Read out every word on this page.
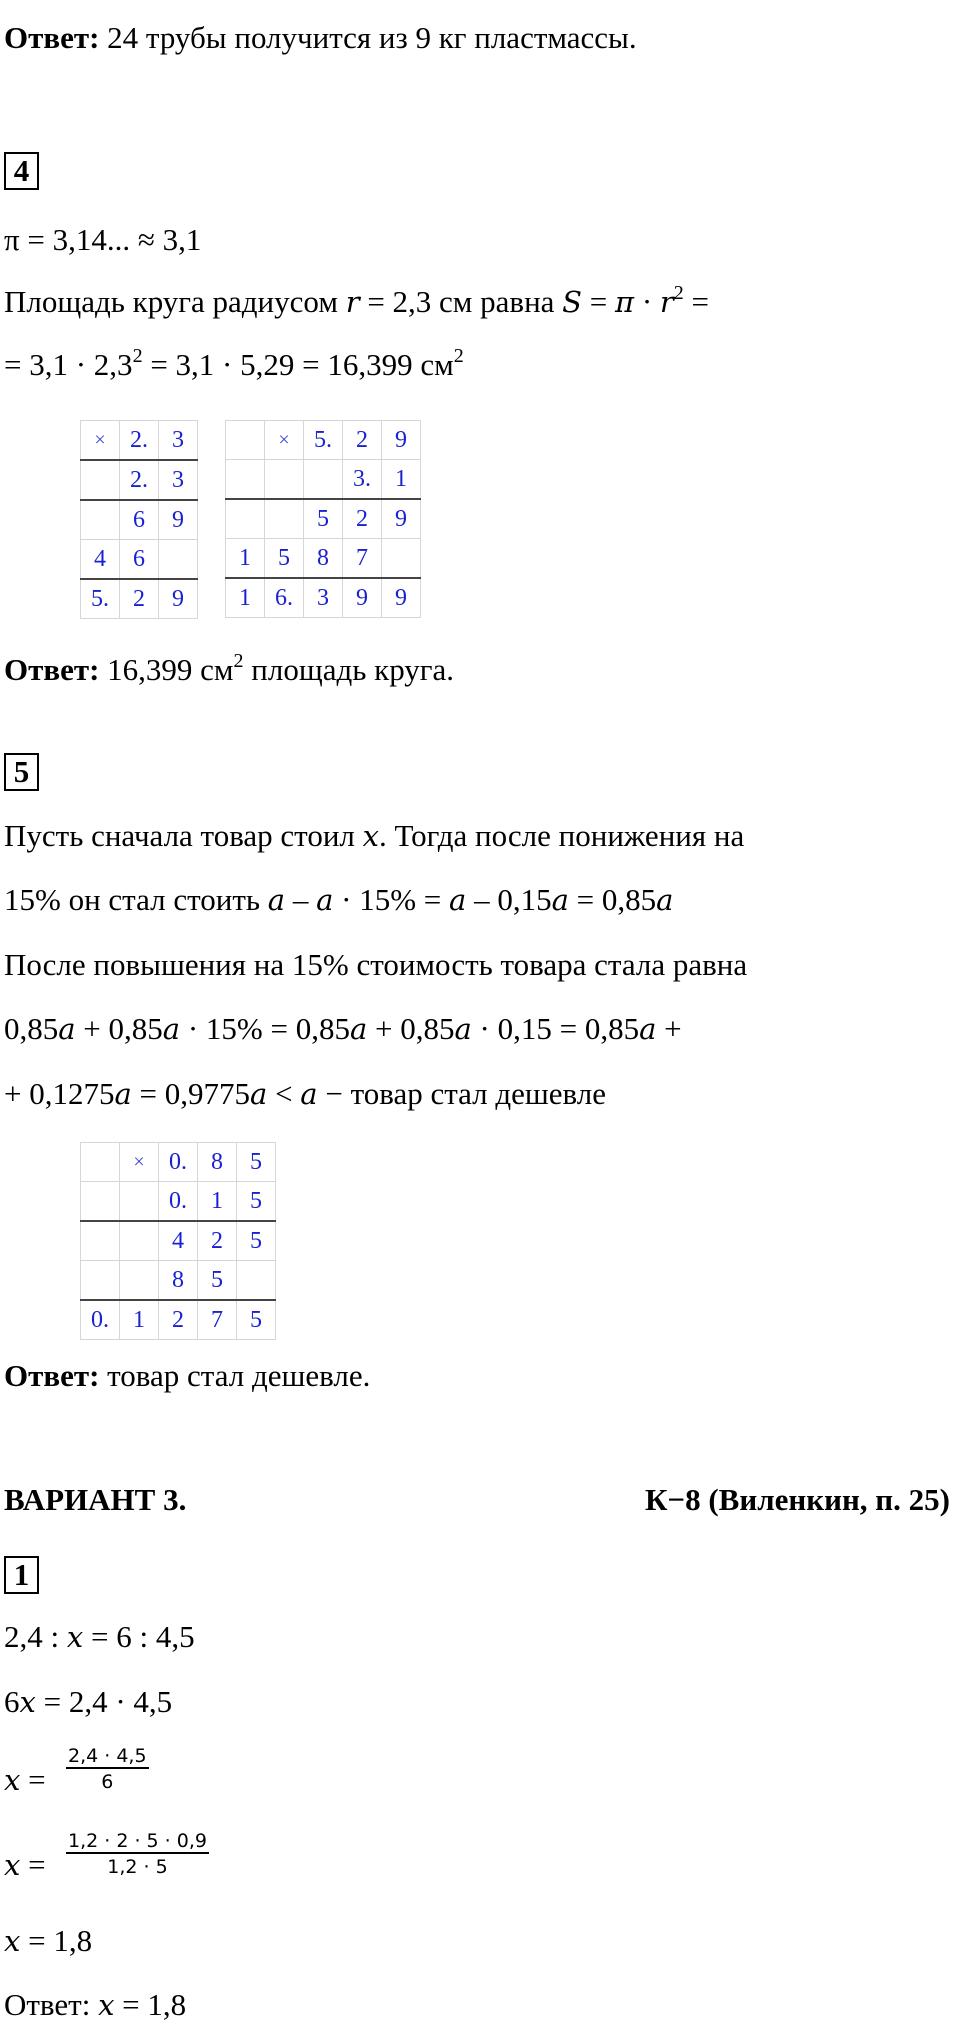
Ответ: 24 трубы получится из 9 кг пластмассы.
4
π = 3,14... ≈ 3,1
Площадь круга радиусом r = 2,3 см равна $S = \pi \cdot r^2$ =
= $3,1 \cdot 2,3^2 = 3,1 \cdot 5,29 = 16,399$ $см^2$
×	2.	3
	2.	3
	6	9
4	6	
5.	2	9
	×	5.	2	9
			3.	1
		5	2	9
1	5	8	7	
1	6.	3	9	9
Ответ: 16,399 $см^2$ площадь круга.
5
Пусть сначала товар стоил x. Тогда после понижения на
15% он стал стоить a – a · 15% = a – 0,15a = 0,85a
После повышения на 15% стоимость товара стала равна
0,85a + 0,85a · 15% = 0,85a + 0,85a · 0,15 = 0,85a +
+ 0,1275a = 0,9775a < a − товар стал дешевле
	×	0.	8	5
		0.	1	5
		4	2	5
		8	5	
0.	1	2	7	5
Ответ: товар стал дешевле.
ВАРИАНТ 3.	К−8 (Виленкин, п. 25)
1
2,4 : x = 6 : 4,5
6x = 2,4 · 4,5
$x = \frac{2,4 \cdot 4,5}{6}$
$x = \frac{1,2 \cdot 2 \cdot 5 \cdot 0,9}{1,2 \cdot 5}$
x = 1,8
Ответ: x = 1,8
